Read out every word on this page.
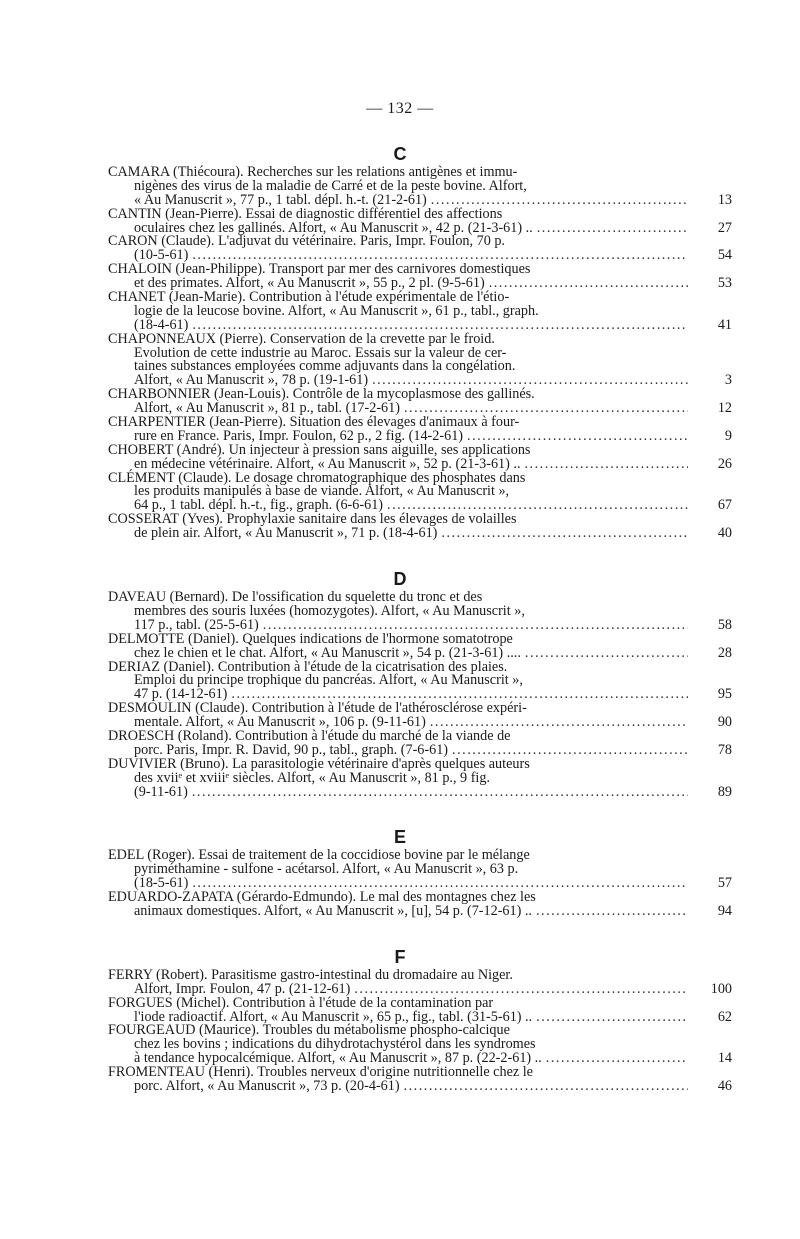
— 132 —
C
CAMARA (Thiécoura). Recherches sur les relations antigènes et immu-
nigènes des virus de la maladie de Carré et de la peste bovine. Alfort,
« Au Manuscrit », 77 p., 1 tabl. dépl. h.-t. (21-2-61) .....	13
CANTIN (Jean-Pierre). Essai de diagnostic différentiel des affections
oculaires chez les gallinés. Alfort, « Au Manuscrit », 42 p. (21-3-61) .. .....	27
CARON (Claude). L'adjuvat du vétérinaire. Paris, Impr. Foulon, 70 p.
(10-5-61) .....	54
CHALOIN (Jean-Philippe). Transport par mer des carnivores domestiques
et des primates. Alfort, « Au Manuscrit », 55 p., 2 pl. (9-5-61) .....	53
CHANET (Jean-Marie). Contribution à l'étude expérimentale de l'étio-
logie de la leucose bovine. Alfort, « Au Manuscrit », 61 p., tabl., graph.
(18-4-61) .....	41
CHAPONNEAUX (Pierre). Conservation de la crevette par le froid.
Evolution de cette industrie au Maroc. Essais sur la valeur de cer-
taines substances employées comme adjuvants dans la congélation.
Alfort, « Au Manuscrit », 78 p. (19-1-61) .....	3
CHARBONNIER (Jean-Louis). Contrôle de la mycoplasmose des gallinés.
Alfort, « Au Manuscrit », 81 p., tabl. (17-2-61) .....	12
CHARPENTIER (Jean-Pierre). Situation des élevages d'animaux à four-
rure en France. Paris, Impr. Foulon, 62 p., 2 fig. (14-2-61) .....	9
CHOBERT (André). Un injecteur à pression sans aiguille, ses applications
en médecine vétérinaire. Alfort, « Au Manuscrit », 52 p. (21-3-61) .. .....	26
CLÉMENT (Claude). Le dosage chromatographique des phosphates dans
les produits manipulés à base de viande. Alfort, « Au Manuscrit »,
64 p., 1 tabl. dépl. h.-t., fig., graph. (6-6-61) .....	67
COSSERAT (Yves). Prophylaxie sanitaire dans les élevages de volailles
de plein air. Alfort, « Au Manuscrit », 71 p. (18-4-61) .....	40
D
DAVEAU (Bernard). De l'ossification du squelette du tronc et des
membres des souris luxées (homozygotes). Alfort, « Au Manuscrit »,
117 p., tabl. (25-5-61) .....	58
DELMOTTE (Daniel). Quelques indications de l'hormone somatotrope
chez le chien et le chat. Alfort, « Au Manuscrit », 54 p. (21-3-61) .... .....	28
DERIAZ (Daniel). Contribution à l'étude de la cicatrisation des plaies.
Emploi du principe trophique du pancréas. Alfort, « Au Manuscrit »,
47 p. (14-12-61) .....	95
DESMOULIN (Claude). Contribution à l'étude de l'athérosclérose expéri-
mentale. Alfort, « Au Manuscrit », 106 p. (9-11-61) .....	90
DROESCH (Roland). Contribution à l'étude du marché de la viande de
porc. Paris, Impr. R. David, 90 p., tabl., graph. (7-6-61) .....	78
DUVIVIER (Bruno). La parasitologie vétérinaire d'après quelques auteurs
des xviiᵉ et xviiiᵉ siècles. Alfort, « Au Manuscrit », 81 p., 9 fig.
(9-11-61) .....	89
E
EDEL (Roger). Essai de traitement de la coccidiose bovine par le mélange
pyriméthamine - sulfone - acétarsol. Alfort, « Au Manuscrit », 63 p.
(18-5-61) .....	57
EDUARDO-ZAPATA (Gérardo-Edmundo). Le mal des montagnes chez les
animaux domestiques. Alfort, « Au Manuscrit », [u], 54 p. (7-12-61) .. .....	94
F
FERRY (Robert). Parasitisme gastro-intestinal du dromadaire au Niger.
Alfort, Impr. Foulon, 47 p. (21-12-61) .....	100
FORGUES (Michel). Contribution à l'étude de la contamination par
l'iode radioactif. Alfort, « Au Manuscrit », 65 p., fig., tabl. (31-5-61) .. .....	62
FOURGEAUD (Maurice). Troubles du métabolisme phospho-calcique
chez les bovins ; indications du dihydrotachystérol dans les syndromes
à tendance hypocalcémique. Alfort, « Au Manuscrit », 87 p. (22-2-61) .. .....	14
FROMENTEAU (Henri). Troubles nerveux d'origine nutritionnelle chez le
porc. Alfort, « Au Manuscrit », 73 p. (20-4-61) .....	46
